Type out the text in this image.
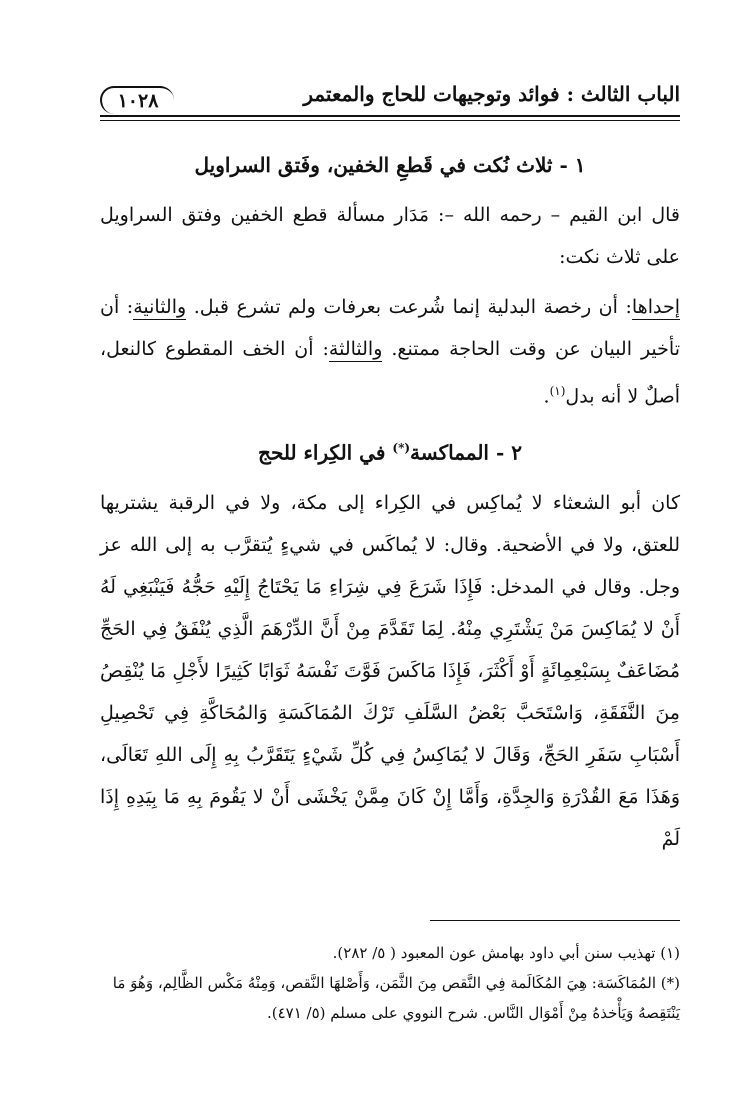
الباب الثالث : فوائد وتوجيهات للحاج والمعتمر
١٠٢٨
١ - ثلاث نُكت في قَطعِ الخفين، وفَتق السراويل

قال ابن القيم – رحمه الله –: مَدَار مسألة قطع الخفين وفتق السراويل على ثلاث نكت:

إحداها: أن رخصة البدلية إنما شُرعت بعرفات ولم تشرع قبل. والثانية: أن تأخير البيان عن وقت الحاجة ممتنع. والثالثة: أن الخف المقطوع كالنعل، أصلٌ لا أنه بدل$^{(١)}$.

٢ - المماكسة(*) في الكِراء للحج

كان أبو الشعثاء لا يُماكِس في الكِراء إلى مكة، ولا في الرقبة يشتريها للعتق، ولا في الأضحية. وقال: لا يُماكَس في شيءٍ يُتقرَّب به إلى الله عز وجل. وقال في المدخل: فَإِذَا شَرَعَ فِي شِرَاءِ مَا يَحْتَاجُ إِلَيْهِ حَجُّهُ فَيَنْبَغِي لَهُ أَنْ لا يُمَاكِسَ مَنْ يَشْتَرِي مِنْهُ. لِمَا تَقَدَّمَ مِنْ أَنَّ الدِّرْهَمَ الَّذِي يُنْفَقُ فِي الحَجِّ مُضَاعَفٌ بِسَبْعِمِائَةٍ أَوْ أَكْثَرَ، فَإِذَا مَاكَسَ فَوَّتَ نَفْسَهُ ثَوَابًا كَثِيرًا لأَجْلِ مَا يُنْقِصُ مِنَ النَّفَقَةِ، وَاسْتَحَبَّ بَعْضُ السَّلَفِ تَرْكَ المُمَاكَسَةِ وَالمُحَاكَّةِ فِي تَحْصِيلِ أَسْبَابِ سَفَرِ الحَجِّ، وَقَالَ لا يُمَاكِسُ فِي كُلِّ شَيْءٍ يَتَقَرَّبُ بِهِ إِلَى اللهِ تَعَالَى، وَهَذَا مَعَ القُدْرَةِ وَالجِدَّةِ، وَأَمَّا إِنْ كَانَ مِمَّنْ يَخْشَى أَنْ لا يَقُومَ بِهِ مَا بِيَدِهِ إِذَا لَمْ

(١) تهذيب سنن أبي داود بهامش عون المعبود ( ٥/ ٢٨٢).

(*) المُمَاكَسَة: هِيَ المُكَالَمة فِي النَّقص مِنَ الثَّمَن، وَأَصْلهَا النَّقص، وَمِنْهُ مَكْس الظَّالِم، وَهُوَ مَا يَنْتَقِصهُ وَيَأْخذهُ مِنْ أَمْوَال النَّاس. شرح النووي على مسلم (٥/ ٤٧١).
